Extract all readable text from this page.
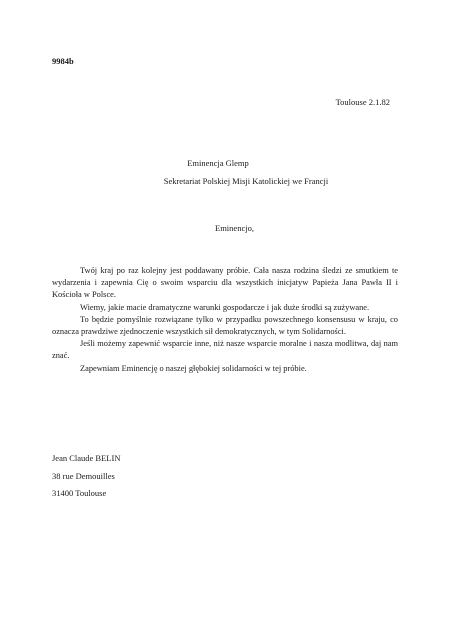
9984b
Toulouse 2.1.82
Eminencja Glemp
Sekretariat Polskiej Misji Katolickiej we Francji
Eminencjo,

Twój kraj po raz kolejny jest poddawany próbie. Cała nasza rodzina śledzi ze smutkiem te wydarzenia i zapewnia Cię o swoim wsparciu dla wszystkich inicjatyw Papieża Jana Pawła II i Kościoła w Polsce.

Wiemy, jakie macie dramatyczne warunki gospodarcze i jak duże środki są zużywane.

To będzie pomyślnie rozwiązane tylko w przypadku powszechnego konsensusu w kraju, co oznacza prawdziwe zjednoczenie wszystkich sił demokratycznych, w tym Solidarności.

Jeśli możemy zapewnić wsparcie inne, niż nasze wsparcie moralne i nasza modlitwa, daj nam znać.

Zapewniam Eminencję o naszej głębokiej solidarności w tej próbie.

Jean Claude BELIN
38 rue Demouilles
31400 Toulouse
